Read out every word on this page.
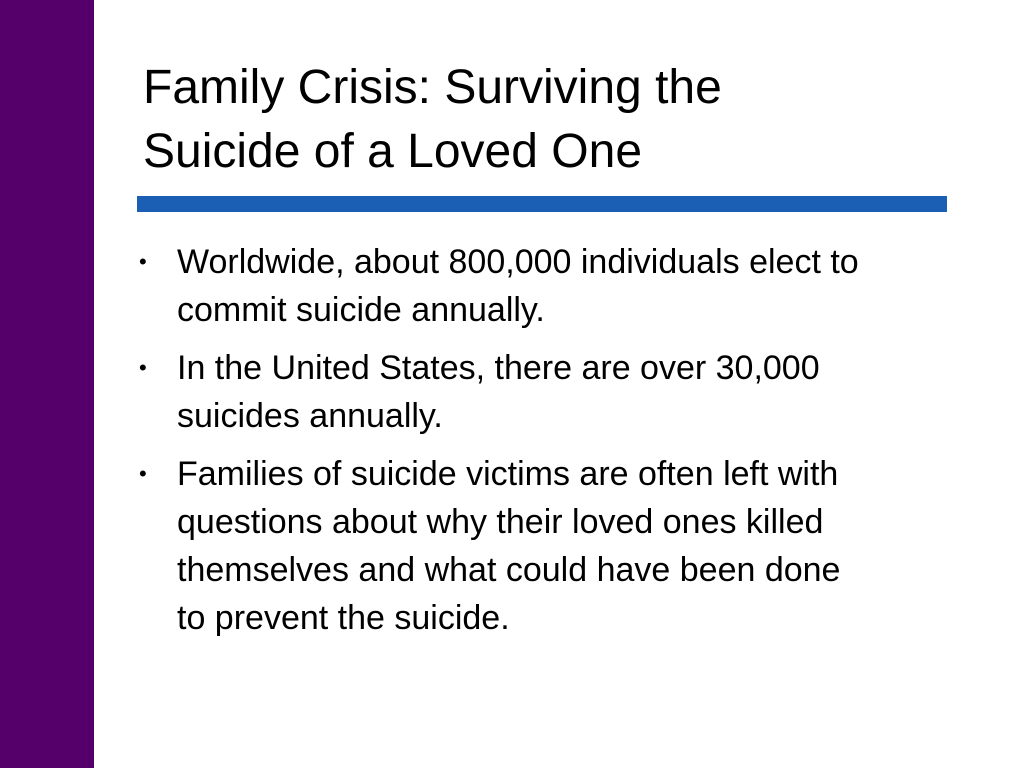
Family Crisis: Surviving the
Suicide of a Loved One
• Worldwide, about 800,000 individuals elect to
commit suicide annually.
• In the United States, there are over 30,000
suicides annually.
• Families of suicide victims are often left with
questions about why their loved ones killed
themselves and what could have been done
to prevent the suicide.
